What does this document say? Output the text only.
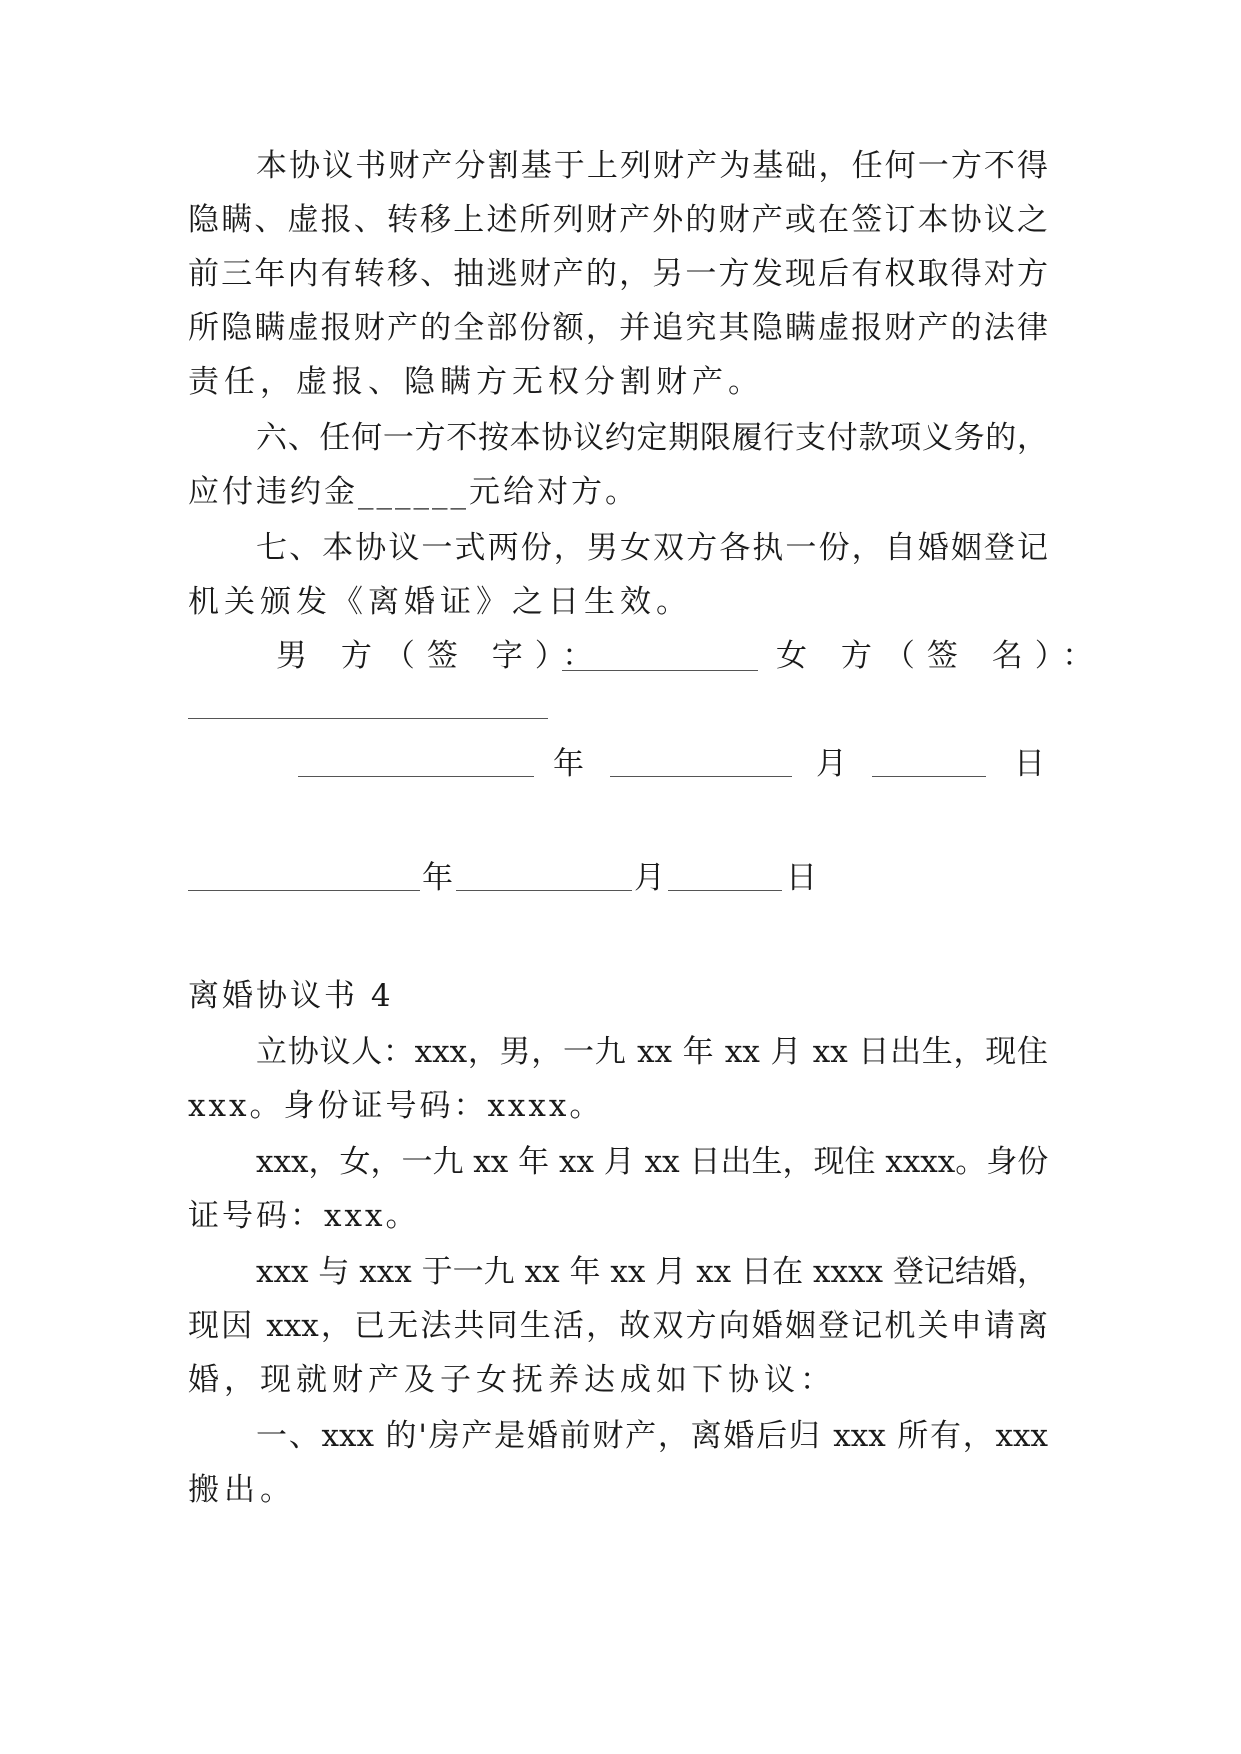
本协议书财产分割基于上列财产为基础，任何一方不得
隐瞒、虚报、转移上述所列财产外的财产或在签订本协议之
前三年内有转移、抽逃财产的，另一方发现后有权取得对方
所隐瞒虚报财产的全部份额，并追究其隐瞒虚报财产的法律
责任，虚报、隐瞒方无权分割财产。
六、任何一方不按本协议约定期限履行支付款项义务的，
应付违约金______元给对方。
七、本协议一式两份，男女双方各执一份，自婚姻登记
机关颁发《离婚证》之日生效。
男 方（签 字）：	女 方（签 名）：
年	月	日
年	月	日
离婚协议书 4
立协议人：xxx，男，一九 xx 年 xx 月 xx 日出生，现住
xxx。身份证号码：xxxx。
xxx，女，一九 xx 年 xx 月 xx 日出生，现住 xxxx。身份
证号码：xxx。
xxx 与 xxx 于一九 xx 年 xx 月 xx 日在 xxxx 登记结婚，
现因 xxx，已无法共同生活，故双方向婚姻登记机关申请离
婚，现就财产及子女抚养达成如下协议：
一、xxx 的'房产是婚前财产，离婚后归 xxx 所有，xxx
搬出。
